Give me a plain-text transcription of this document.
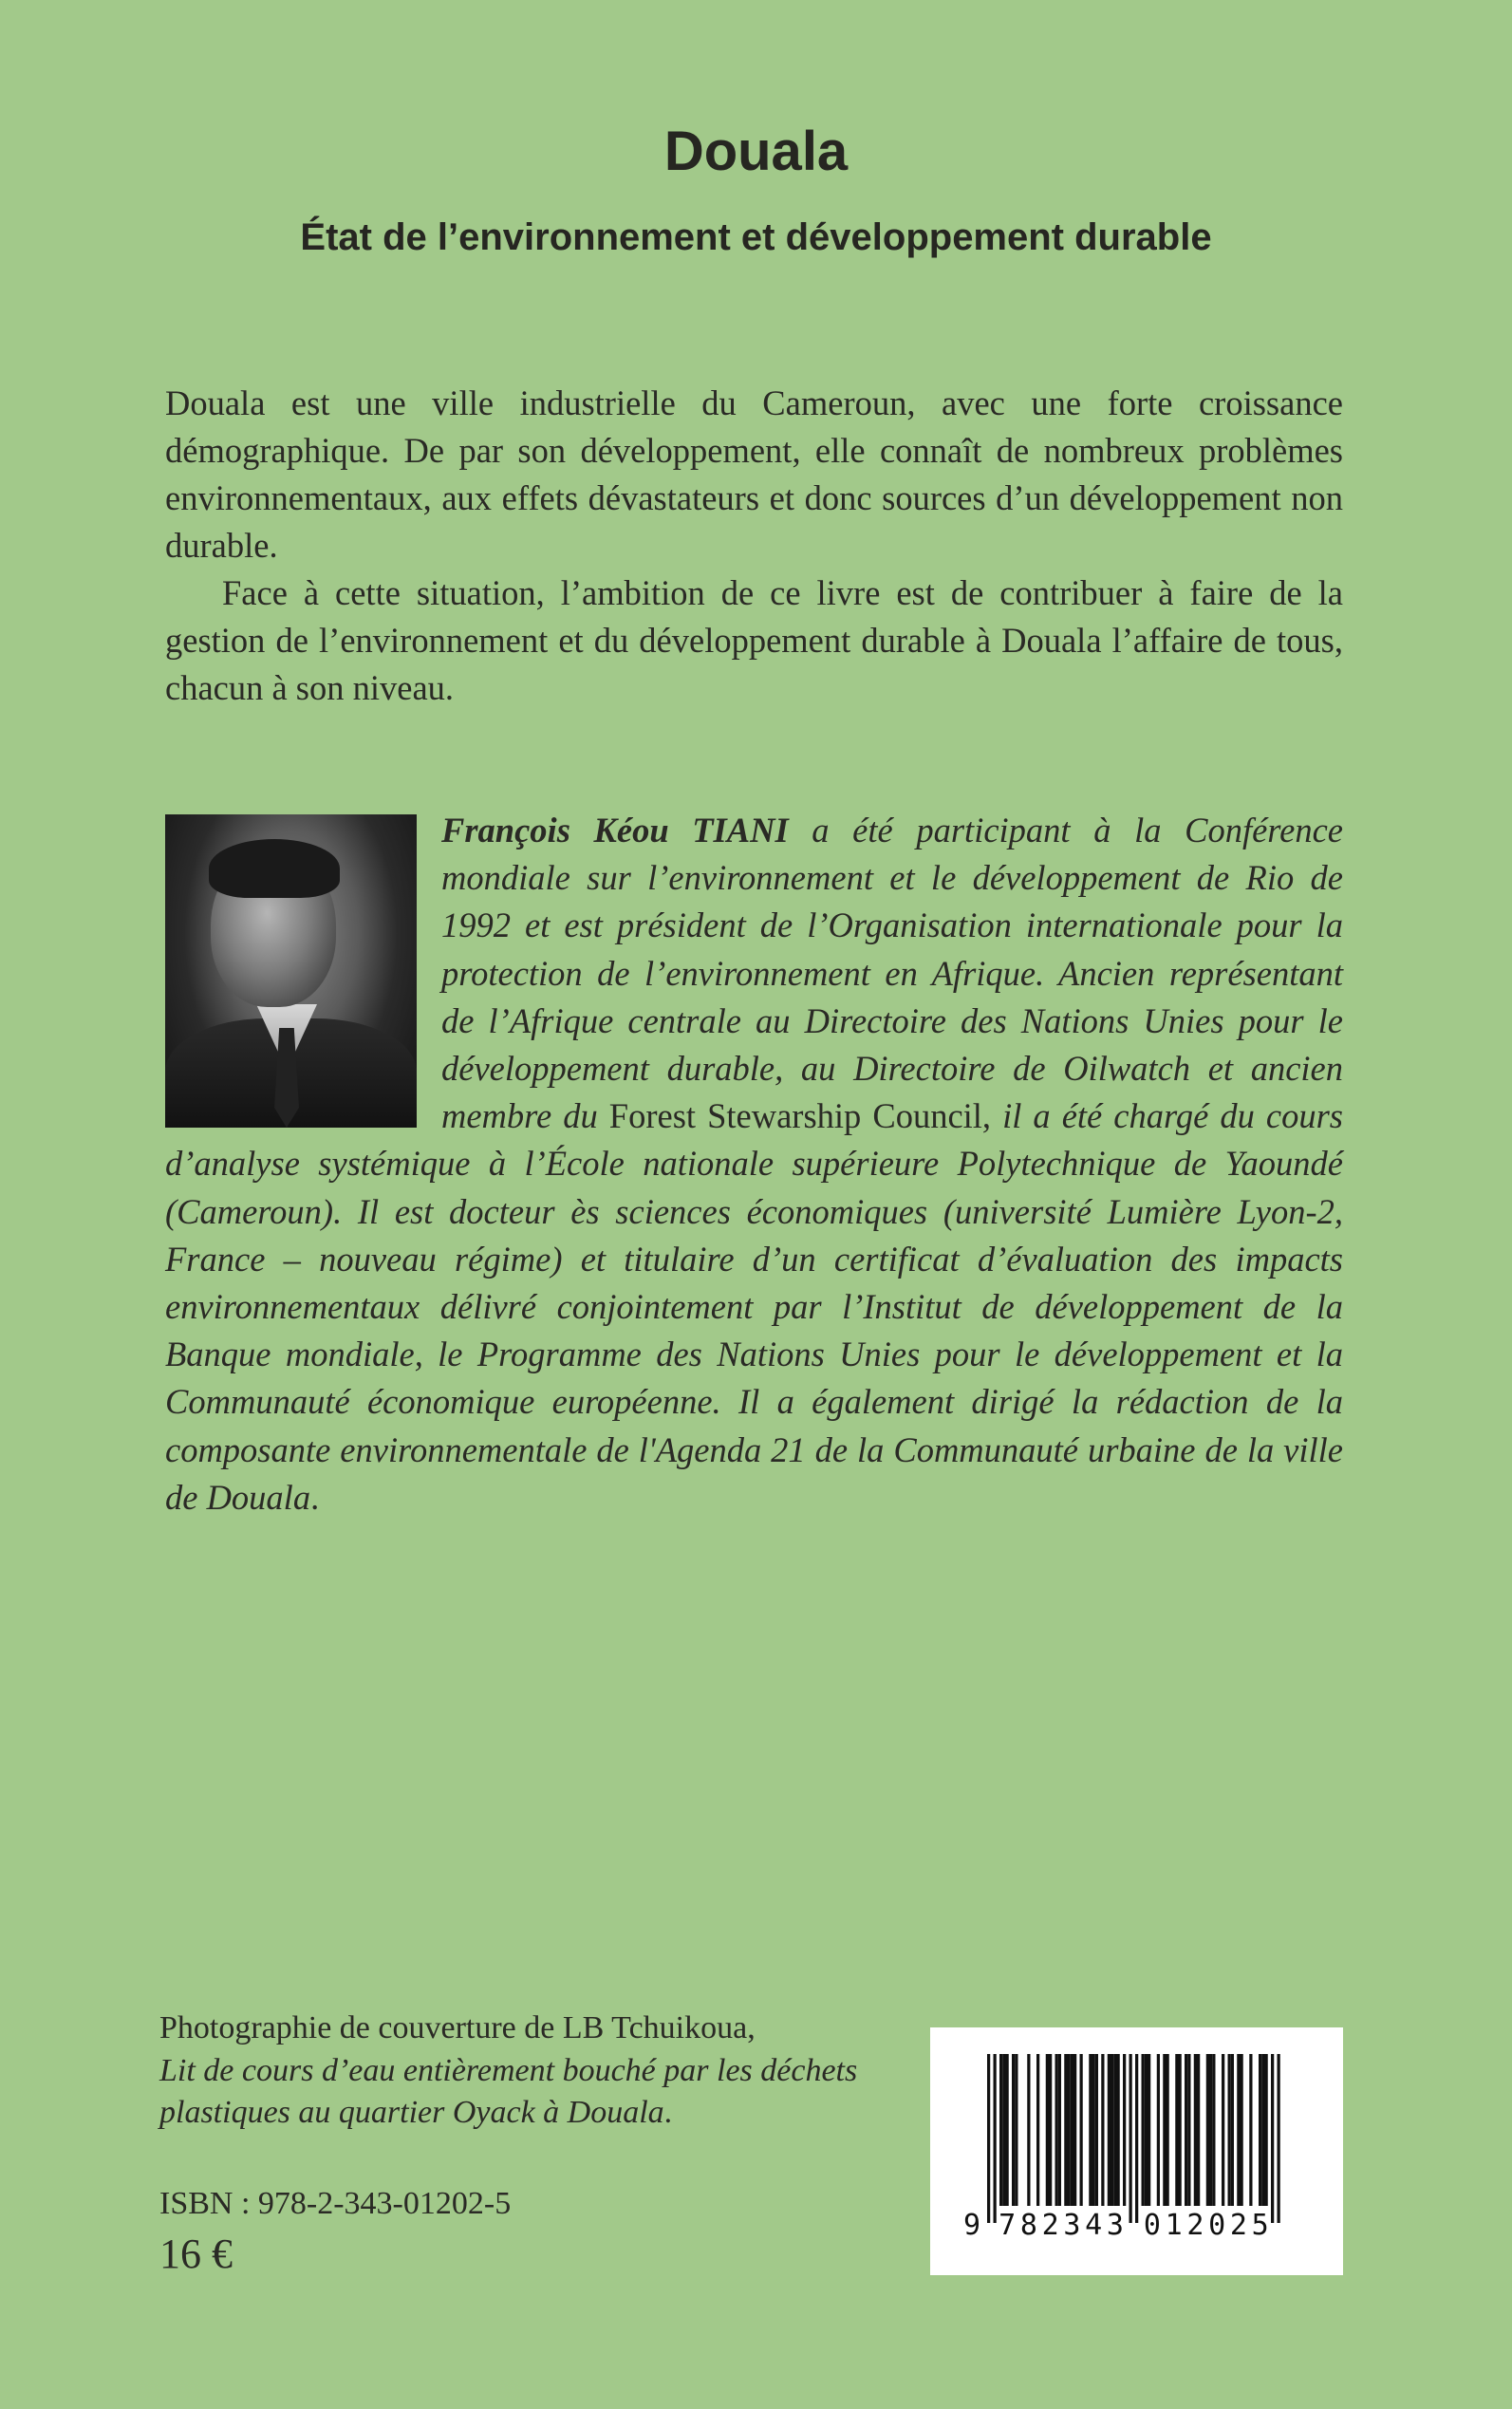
Douala
État de l’environnement et développement durable

Douala est une ville industrielle du Cameroun, avec une forte croissance démographique. De par son développement, elle connaît de nombreux problèmes environnementaux, aux effets dévastateurs et donc sources d’un développement non durable.

Face à cette situation, l’ambition de ce livre est de contribuer à faire de la gestion de l’environnement et du développement durable à Douala l’affaire de tous, chacun à son niveau.

François Kéou TIANI a été participant à la Conférence mondiale sur l’environnement et le développement de Rio de 1992 et est président de l’Organisation internationale pour la protection de l’environnement en Afrique. Ancien représentant de l’Afrique centrale au Directoire des Nations Unies pour le développement durable, au Directoire de Oilwatch et ancien membre du Forest Stewarship Council, il a été chargé du cours d’analyse systémique à l’École nationale supérieure Polytechnique de Yaoundé (Cameroun). Il est docteur ès sciences économiques (université Lumière Lyon-2, France – nouveau régime) et titulaire d’un certificat d’évaluation des impacts environnementaux délivré conjointement par l’Institut de développement de la Banque mondiale, le Programme des Nations Unies pour le développement et la Communauté économique européenne. Il a également dirigé la rédaction de la composante environnementale de l'Agenda 21 de la Communauté urbaine de la ville de Douala.

Photographie de couverture de LB Tchuikoua,

Lit de cours d’eau entièrement bouché par les déchets plastiques au quartier Oyack à Douala.

ISBN : 978-2-343-01202-5

16 €

9 7 8 2 3 4 3 0 1 2 0 2 5
